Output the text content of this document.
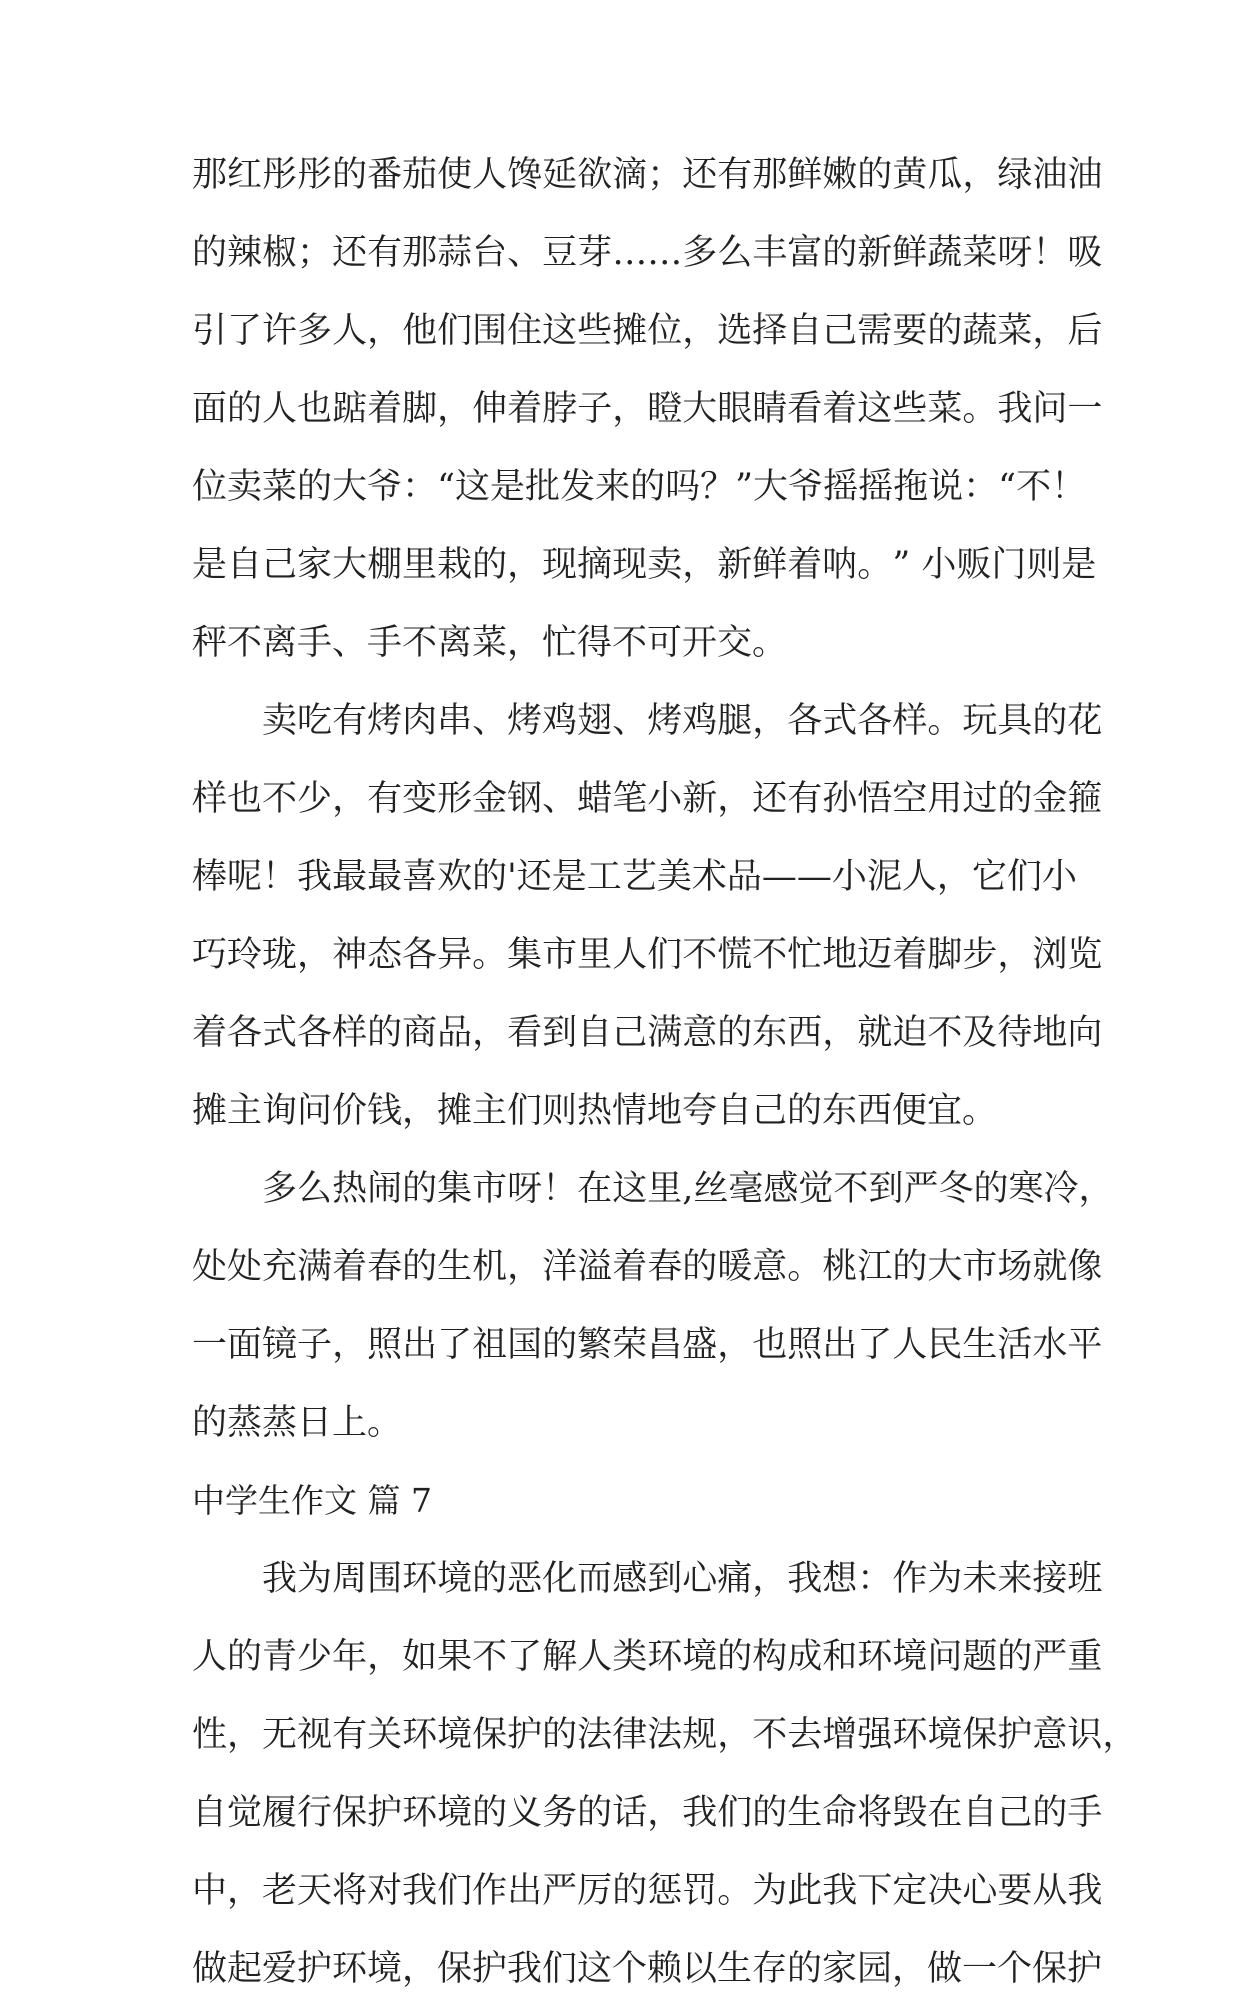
那 红 彤 彤 的 番 茄 使 人 馋 延 欲 滴 ； 还 有 那 鲜 嫩 的 黄 瓜 ， 绿 油 油
的 辣 椒 ； 还 有 那 蒜 台 、 豆 芽 … … 多 么 丰 富 的 新 鲜 蔬 菜 呀 ！ 吸
引 了 许 多 人 ， 他 们 围 住 这 些 摊 位 ， 选 择 自 己 需 要 的 蔬 菜 ， 后
面 的 人 也 踮 着 脚 ， 伸 着 脖 子 ， 瞪 大 眼 睛 看 着 这 些 菜 。 我 问 一
位 卖 菜 的 大 爷 ： “ 这 是 批 发 来 的 吗 ？ ” 大 爷 摇 摇 拖 说 ： “ 不 ！
是 自 己 家 大 棚 里 栽 的 ， 现 摘 现 卖 ， 新 鲜 着 呐 。 ”
小 贩 门 则 是
秤不离手、手不离菜，忙得不可开交。

卖 吃 有 烤 肉 串 、 烤 鸡 翅 、 烤 鸡 腿 ， 各 式 各 样 。 玩 具 的 花
样 也 不 少 ， 有 变 形 金 钢 、 蜡 笔 小 新 ， 还 有 孙 悟 空 用 过 的 金 箍
棒 呢 ！ 我 最 最 喜 欢 的 ' 还 是 工 艺 美 术 品 — — 小 泥 人 ， 它 们 小
巧 玲 珑 ， 神 态 各 异 。 集 市 里 人 们 不 慌 不 忙 地 迈 着 脚 步 ， 浏 览
着 各 式 各 样 的 商 品 ， 看 到 自 己 满 意 的 东 西 ， 就 迫 不 及 待 地 向
摊主询问价钱，摊主们则热情地夸自己的东西便宜。

多 么 热 闹 的 集 市 呀 ！ 在 这 里 , 丝 毫 感 觉 不 到 严 冬 的 寒 冷 ，
处 处 充 满 着 春 的 生 机 ， 洋 溢 着 春 的 暖 意 。 桃 江 的 大 市 场 就 像
一 面 镜 子 ， 照 出 了 祖 国 的 繁 荣 昌 盛 ， 也 照 出 了 人 民 生 活 水 平
的蒸蒸日上。
中学生作文 篇 7

我 为 周 围 环 境 的 恶 化 而 感 到 心 痛 ， 我 想 ： 作 为 未 来 接 班
人 的 青 少 年 ， 如 果 不 了 解 人 类 环 境 的 构 成 和 环 境 问 题 的 严 重
性 ， 无 视 有 关 环 境 保 护 的 法 律 法 规 ， 不 去 增 强 环 境 保 护 意 识 ，
自 觉 履 行 保 护 环 境 的 义 务 的 话 ， 我 们 的 生 命 将 毁 在 自 己 的 手
中 ， 老 天 将 对 我 们 作 出 严 厉 的 惩 罚 。 为 此 我 下 定 决 心 要 从 我
做起爱护环境，保护我们这个赖以生存的家园，做一个保护
